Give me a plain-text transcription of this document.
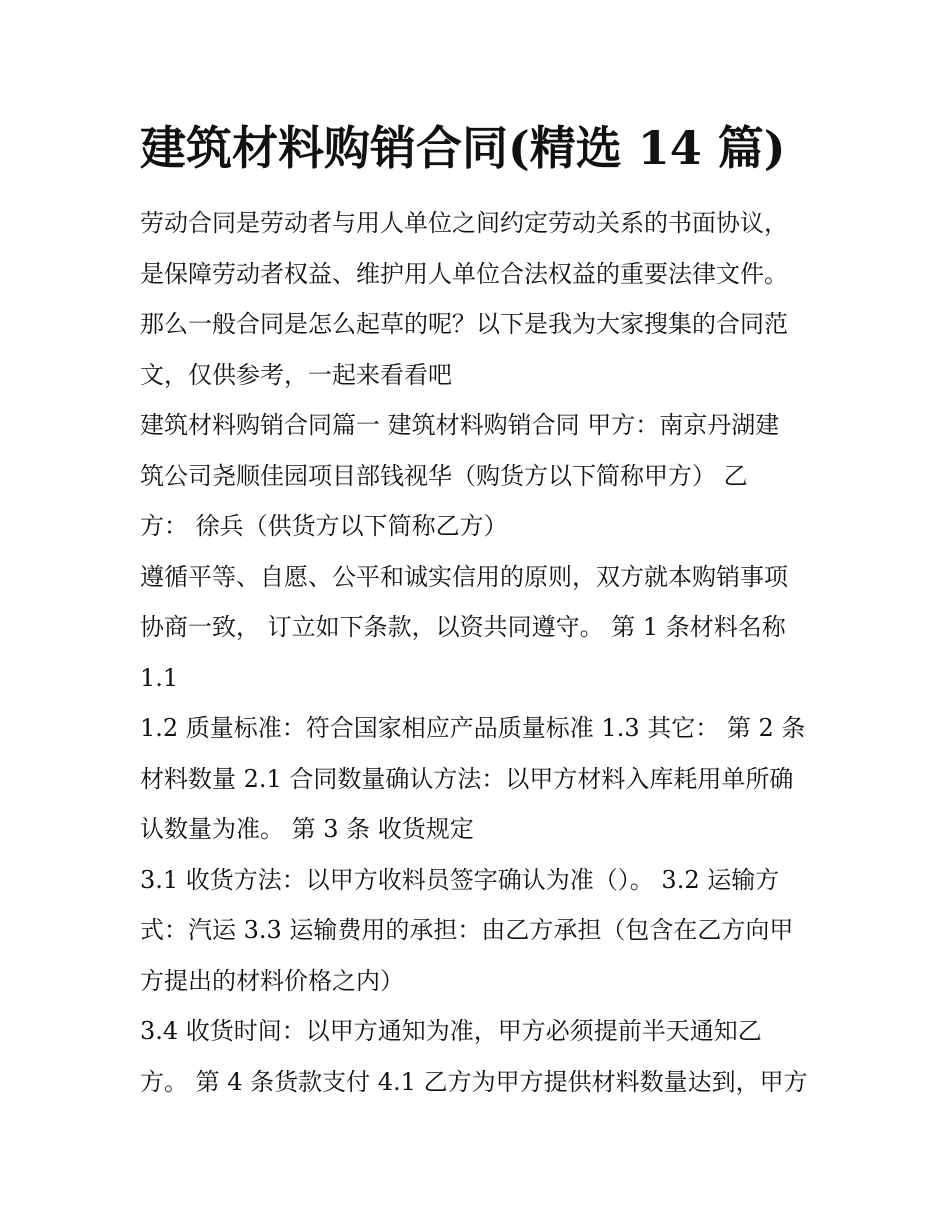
建筑材料购销合同(精选 14 篇)

劳动合同是劳动者与用人单位之间约定劳动关系的书面协议，
是保障劳动者权益、维护用人单位合法权益的重要法律文件。
那么一般合同是怎么起草的呢？以下是我为大家搜集的合同范
文，仅供参考，一起来看看吧

建筑材料购销合同篇一 建筑材料购销合同 甲方：南京丹湖建
筑公司尧顺佳园项目部钱视华（购货方以下简称甲方） 乙
方： 徐兵（供货方以下简称乙方）

遵循平等、自愿、公平和诚实信用的原则，双方就本购销事项
协商一致， 订立如下条款，以资共同遵守。 第 1 条材料名称
1.1

1.2 质量标准：符合国家相应产品质量标准 1.3 其它： 第 2 条
材料数量 2.1 合同数量确认方法：以甲方材料入库耗用单所确
认数量为准。 第 3 条 收货规定

3.1 收货方法：以甲方收料员签字确认为准（）。 3.2 运输方
式：汽运 3.3 运输费用的承担：由乙方承担（包含在乙方向甲
方提出的材料价格之内）

3.4 收货时间：以甲方通知为准，甲方必须提前半天通知乙
方。 第 4 条货款支付 4.1 乙方为甲方提供材料数量达到，甲方
